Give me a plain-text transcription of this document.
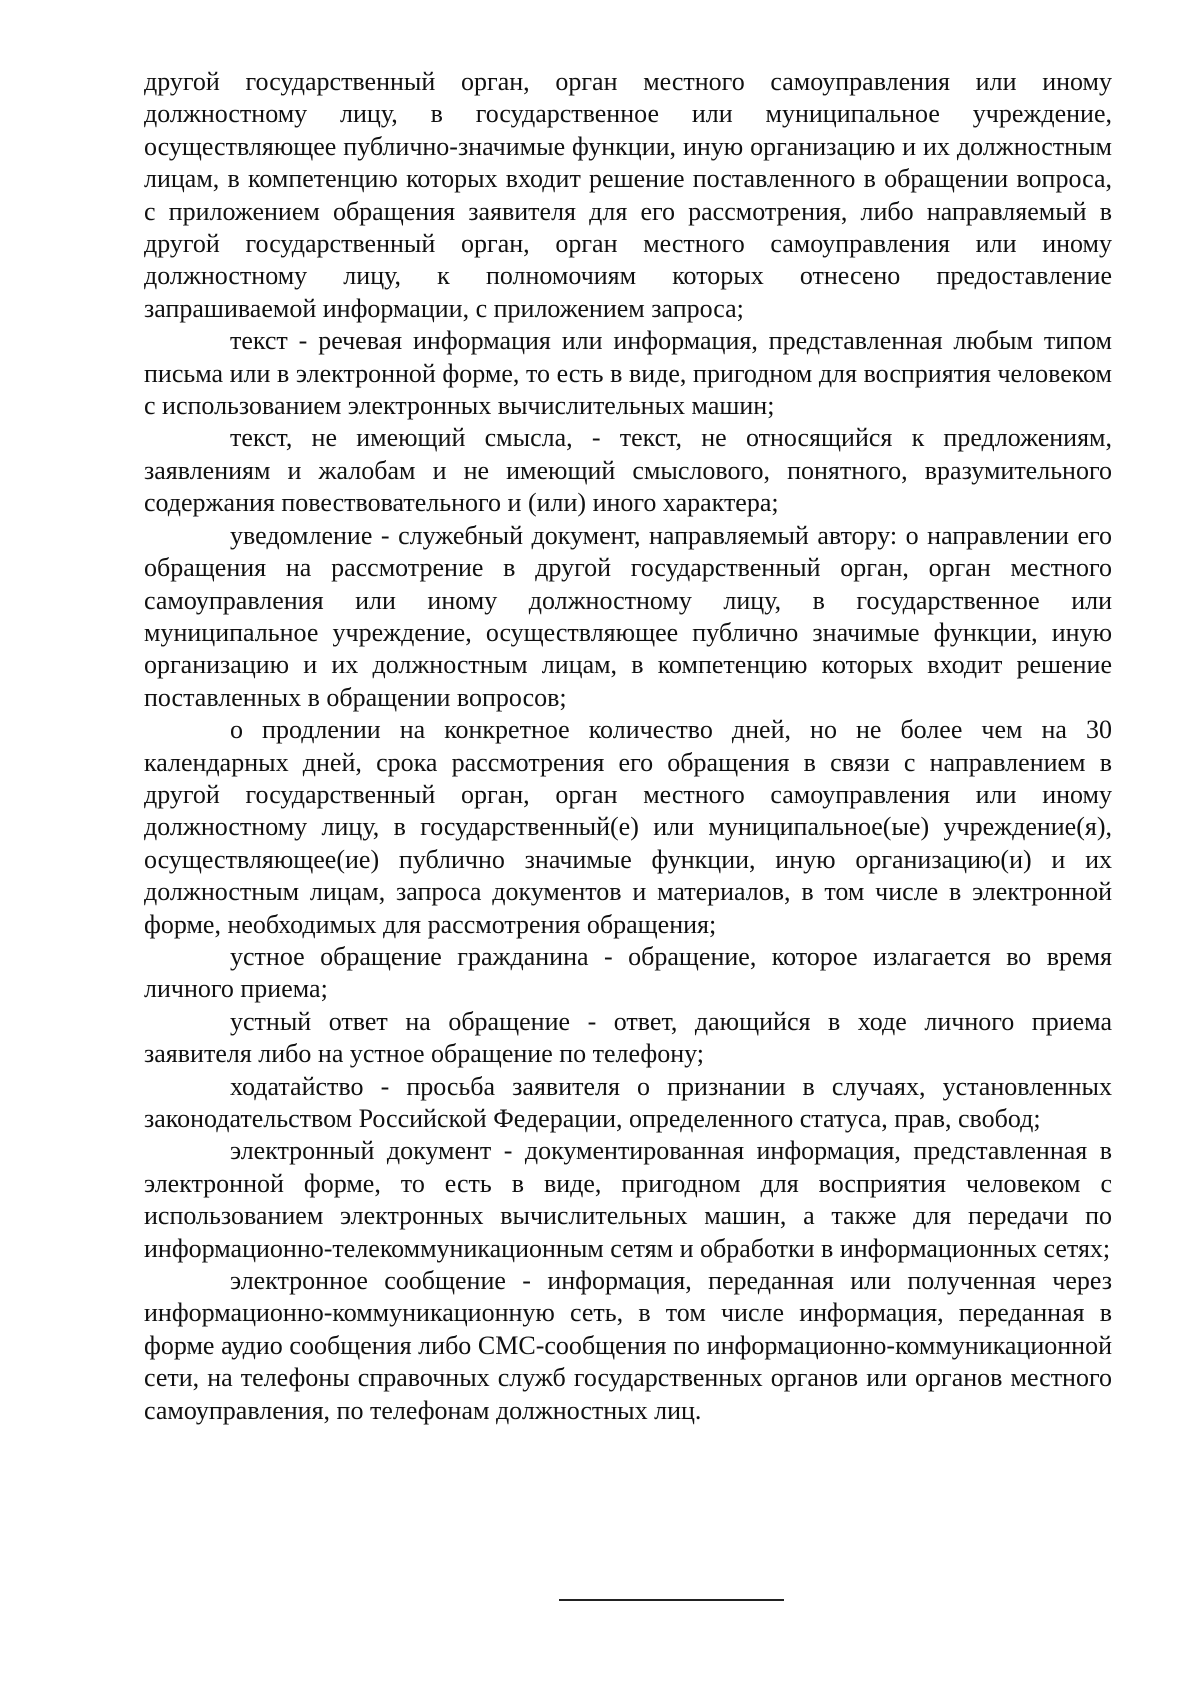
другой государственный орган, орган местного самоуправления или иному должностному лицу, в государственное или муниципальное учреждение, осуществляющее публично-значимые функции, иную организацию и их должностным лицам, в компетенцию которых входит решение поставленного в обращении вопроса, с приложением обращения заявителя для его рассмотрения, либо направляемый в другой государственный орган, орган местного самоуправления или иному должностному лицу, к полномочиям которых отнесено предоставление запрашиваемой информации, с приложением запроса;

текст - речевая информация или информация, представленная любым типом письма или в электронной форме, то есть в виде, пригодном для восприятия человеком с использованием электронных вычислительных машин;

текст, не имеющий смысла, - текст, не относящийся к предложениям, заявлениям и жалобам и не имеющий смыслового, понятного, вразумительного содержания повествовательного и (или) иного характера;

уведомление - служебный документ, направляемый автору: о направлении его обращения на рассмотрение в другой государственный орган, орган местного самоуправления или иному должностному лицу, в государственное или муниципальное учреждение, осуществляющее публично значимые функции, иную организацию и их должностным лицам, в компетенцию которых входит решение поставленных в обращении вопросов;

о продлении на конкретное количество дней, но не более чем на 30 календарных дней, срока рассмотрения его обращения в связи с направлением в другой государственный орган, орган местного самоуправления или иному должностному лицу, в государственный(е) или муниципальное(ые) учреждение(я), осуществляющее(ие) публично значимые функции, иную организацию(и) и их должностным лицам, запроса документов и материалов, в том числе в электронной форме, необходимых для рассмотрения обращения;

устное обращение гражданина - обращение, которое излагается во время личного приема;

устный ответ на обращение - ответ, дающийся в ходе личного приема заявителя либо на устное обращение по телефону;

ходатайство - просьба заявителя о признании в случаях, установленных законодательством Российской Федерации, определенного статуса, прав, свобод;

электронный документ - документированная информация, представленная в электронной форме, то есть в виде, пригодном для восприятия человеком с использованием электронных вычислительных машин, а также для передачи по информационно-телекоммуникационным сетям и обработки в информационных сетях;

электронное сообщение - информация, переданная или полученная через информационно-коммуникационную сеть, в том числе информация, переданная в форме аудио сообщения либо СМС-сообщения по информационно-коммуникационной сети, на телефоны справочных служб государственных органов или органов местного самоуправления, по телефонам должностных лиц.
